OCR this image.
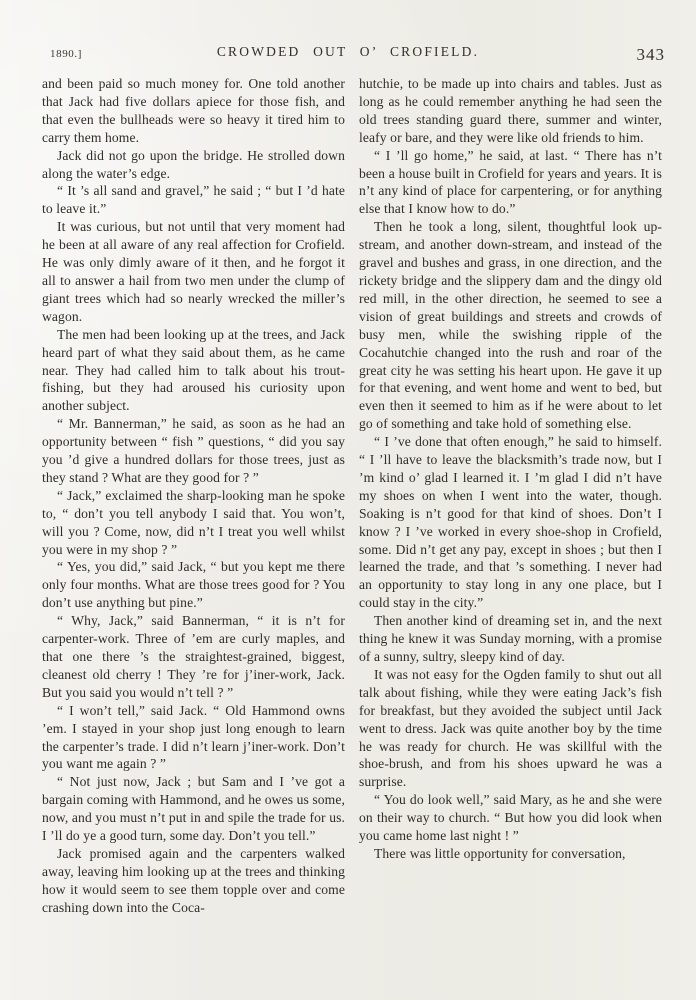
1890.]	CROWDED OUT O’ CROFIELD.	343

and been paid so much money for. One told another that Jack had five dollars apiece for those fish, and that even the bullheads were so heavy it tired him to carry them home.

Jack did not go upon the bridge. He strolled down along the water’s edge.

“ It ’s all sand and gravel,” he said ; “ but I ’d hate to leave it.”

It was curious, but not until that very moment had he been at all aware of any real affection for Crofield. He was only dimly aware of it then, and he forgot it all to answer a hail from two men under the clump of giant trees which had so nearly wrecked the miller’s wagon.

The men had been looking up at the trees, and Jack heard part of what they said about them, as he came near. They had called him to talk about his trout-fishing, but they had aroused his curiosity upon another subject.

“ Mr. Bannerman,” he said, as soon as he had an opportunity between “ fish ” questions, “ did you say you ’d give a hundred dollars for those trees, just as they stand ? What are they good for ? ”

“ Jack,” exclaimed the sharp-looking man he spoke to, “ don’t you tell anybody I said that. You won’t, will you ? Come, now, did n’t I treat you well whilst you were in my shop ? ”

“ Yes, you did,” said Jack, “ but you kept me there only four months. What are those trees good for ? You don’t use anything but pine.”

“ Why, Jack,” said Bannerman, “ it is n’t for carpenter-work. Three of ’em are curly maples, and that one there ’s the straightest-grained, biggest, cleanest old cherry ! They ’re for j’iner-work, Jack. But you said you would n’t tell ? ”

“ I won’t tell,” said Jack. “ Old Hammond owns ’em. I stayed in your shop just long enough to learn the carpenter’s trade. I did n’t learn j’iner-work. Don’t you want me again ? ”

“ Not just now, Jack ; but Sam and I ’ve got a bargain coming with Hammond, and he owes us some, now, and you must n’t put in and spile the trade for us. I ’ll do ye a good turn, some day. Don’t you tell.”

Jack promised again and the carpenters walked away, leaving him looking up at the trees and thinking how it would seem to see them topple over and come crashing down into the Coca-

hutchie, to be made up into chairs and tables. Just as long as he could remember anything he had seen the old trees standing guard there, summer and winter, leafy or bare, and they were like old friends to him.

“ I ’ll go home,” he said, at last. “ There has n’t been a house built in Crofield for years and years. It is n’t any kind of place for carpentering, or for anything else that I know how to do.”

Then he took a long, silent, thoughtful look up-stream, and another down-stream, and instead of the gravel and bushes and grass, in one direction, and the rickety bridge and the slippery dam and the dingy old red mill, in the other direction, he seemed to see a vision of great buildings and streets and crowds of busy men, while the swishing ripple of the Cocahutchie changed into the rush and roar of the great city he was setting his heart upon. He gave it up for that evening, and went home and went to bed, but even then it seemed to him as if he were about to let go of something and take hold of something else.

“ I ’ve done that often enough,” he said to himself. “ I ’ll have to leave the blacksmith’s trade now, but I ’m kind o’ glad I learned it. I ’m glad I did n’t have my shoes on when I went into the water, though. Soaking is n’t good for that kind of shoes. Don’t I know ? I ’ve worked in every shoe-shop in Crofield, some. Did n’t get any pay, except in shoes ; but then I learned the trade, and that ’s something. I never had an opportunity to stay long in any one place, but I could stay in the city.”

Then another kind of dreaming set in, and the next thing he knew it was Sunday morning, with a promise of a sunny, sultry, sleepy kind of day.

It was not easy for the Ogden family to shut out all talk about fishing, while they were eating Jack’s fish for breakfast, but they avoided the subject until Jack went to dress. Jack was quite another boy by the time he was ready for church. He was skillful with the shoe-brush, and from his shoes upward he was a surprise.

“ You do look well,” said Mary, as he and she were on their way to church. “ But how you did look when you came home last night ! ”

There was little opportunity for conversation,
